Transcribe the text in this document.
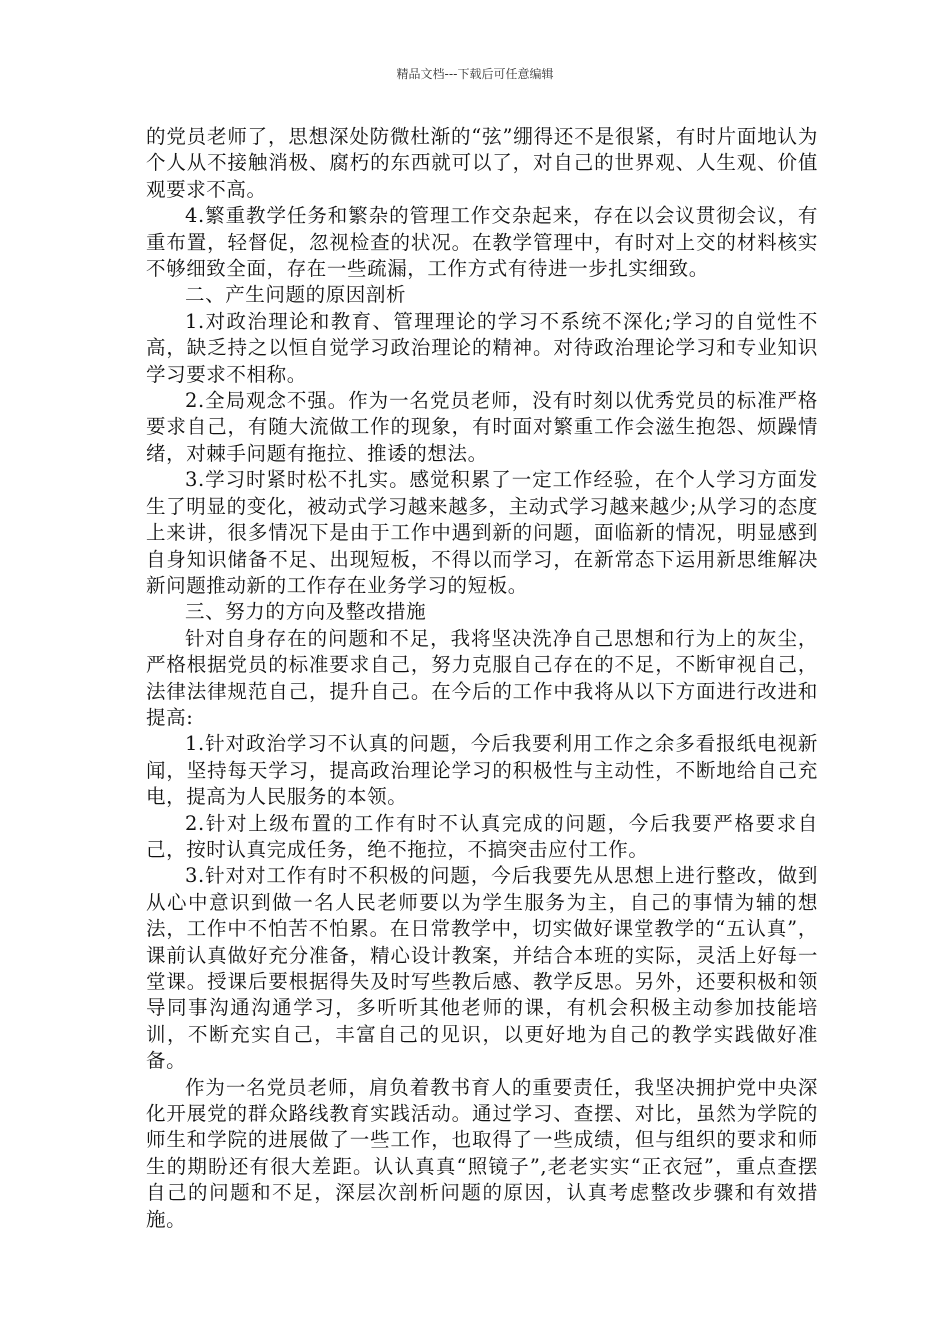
精品文档---下载后可任意编辑

的党员老师了，思想深处防微杜渐的“弦”绷得还不是很紧，有时片面地认为个人从不接触消极、腐朽的东西就可以了，对自己的世界观、人生观、价值观要求不高。

4.繁重教学任务和繁杂的管理工作交杂起来，存在以会议贯彻会议，有重布置，轻督促，忽视检查的状况。在教学管理中，有时对上交的材料核实不够细致全面，存在一些疏漏，工作方式有待进一步扎实细致。

二、产生问题的原因剖析

1.对政治理论和教育、管理理论的学习不系统不深化;学习的自觉性不高，缺乏持之以恒自觉学习政治理论的精神。对待政治理论学习和专业知识学习要求不相称。

2.全局观念不强。作为一名党员老师，没有时刻以优秀党员的标准严格要求自己，有随大流做工作的现象，有时面对繁重工作会滋生抱怨、烦躁情绪，对棘手问题有拖拉、推诿的想法。

3.学习时紧时松不扎实。感觉积累了一定工作经验，在个人学习方面发生了明显的变化，被动式学习越来越多，主动式学习越来越少;从学习的态度上来讲，很多情况下是由于工作中遇到新的问题，面临新的情况，明显感到自身知识储备不足、出现短板，不得以而学习，在新常态下运用新思维解决新问题推动新的工作存在业务学习的短板。

三、努力的方向及整改措施

针对自身存在的问题和不足，我将坚决洗净自己思想和行为上的灰尘，严格根据党员的标准要求自己，努力克服自己存在的不足，不断审视自己，法律法律规范自己，提升自己。在今后的工作中我将从以下方面进行改进和提高:

1.针对政治学习不认真的问题，今后我要利用工作之余多看报纸电视新闻，坚持每天学习，提高政治理论学习的积极性与主动性，不断地给自己充电，提高为人民服务的本领。

2.针对上级布置的工作有时不认真完成的问题，今后我要严格要求自己，按时认真完成任务，绝不拖拉，不搞突击应付工作。

3.针对对工作有时不积极的问题，今后我要先从思想上进行整改，做到从心中意识到做一名人民老师要以为学生服务为主，自己的事情为辅的想法，工作中不怕苦不怕累。在日常教学中，切实做好课堂教学的“五认真”，课前认真做好充分准备，精心设计教案，并结合本班的实际，灵活上好每一堂课。授课后要根据得失及时写些教后感、教学反思。另外，还要积极和领导同事沟通沟通学习，多听听其他老师的课，有机会积极主动参加技能培训，不断充实自己，丰富自己的见识，以更好地为自己的教学实践做好准备。

作为一名党员老师，肩负着教书育人的重要责任，我坚决拥护党中央深化开展党的群众路线教育实践活动。通过学习、查摆、对比，虽然为学院的师生和学院的进展做了一些工作，也取得了一些成绩，但与组织的要求和师生的期盼还有很大差距。认认真真“照镜子”,老老实实“正衣冠”，重点查摆自己的问题和不足，深层次剖析问题的原因，认真考虑整改步骤和有效措施。
